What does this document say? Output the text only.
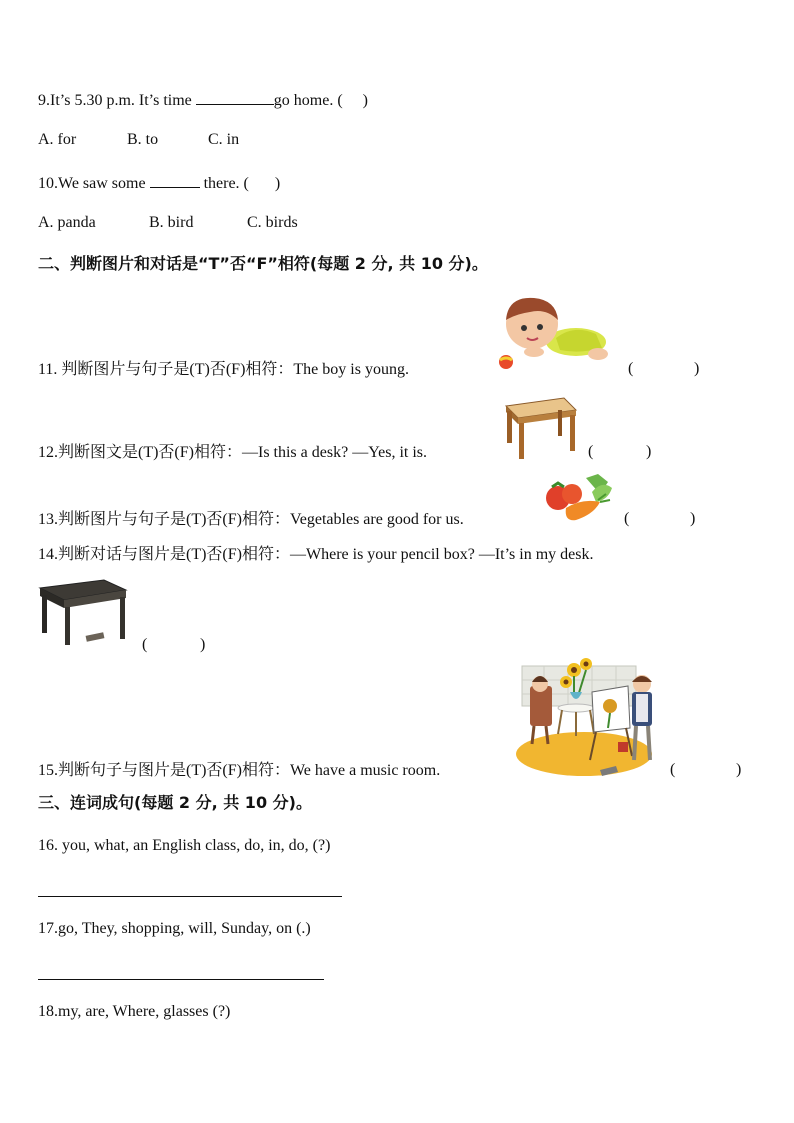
9.It’s 5.30 p.m. It’s time	go home. ( )
A. for	B. to	C. in
10.We saw some	there. ( )
A. panda	B. bird	C. birds
二、判断图片和对话是“T”否“F”相符(每题 2 分, 共 10 分)。
11. 判断图片与句子是(T)否(F)相符：The boy is young.	(	)
12.判断图文是(T)否(F)相符：—Is this a desk? —Yes, it is.	(	)
13.判断图片与句子是(T)否(F)相符：Vegetables are good for us.	(	)
14.判断对话与图片是(T)否(F)相符：—Where is your pencil box? —It’s in my desk.
(	)
15.判断句子与图片是(T)否(F)相符：We have a music room.	(	)
三、连词成句(每题 2 分, 共 10 分)。
16. you, what, an English class, do, in, do, (?)
17.go, They, shopping, will, Sunday, on (.)
18.my, are, Where, glasses (?)
